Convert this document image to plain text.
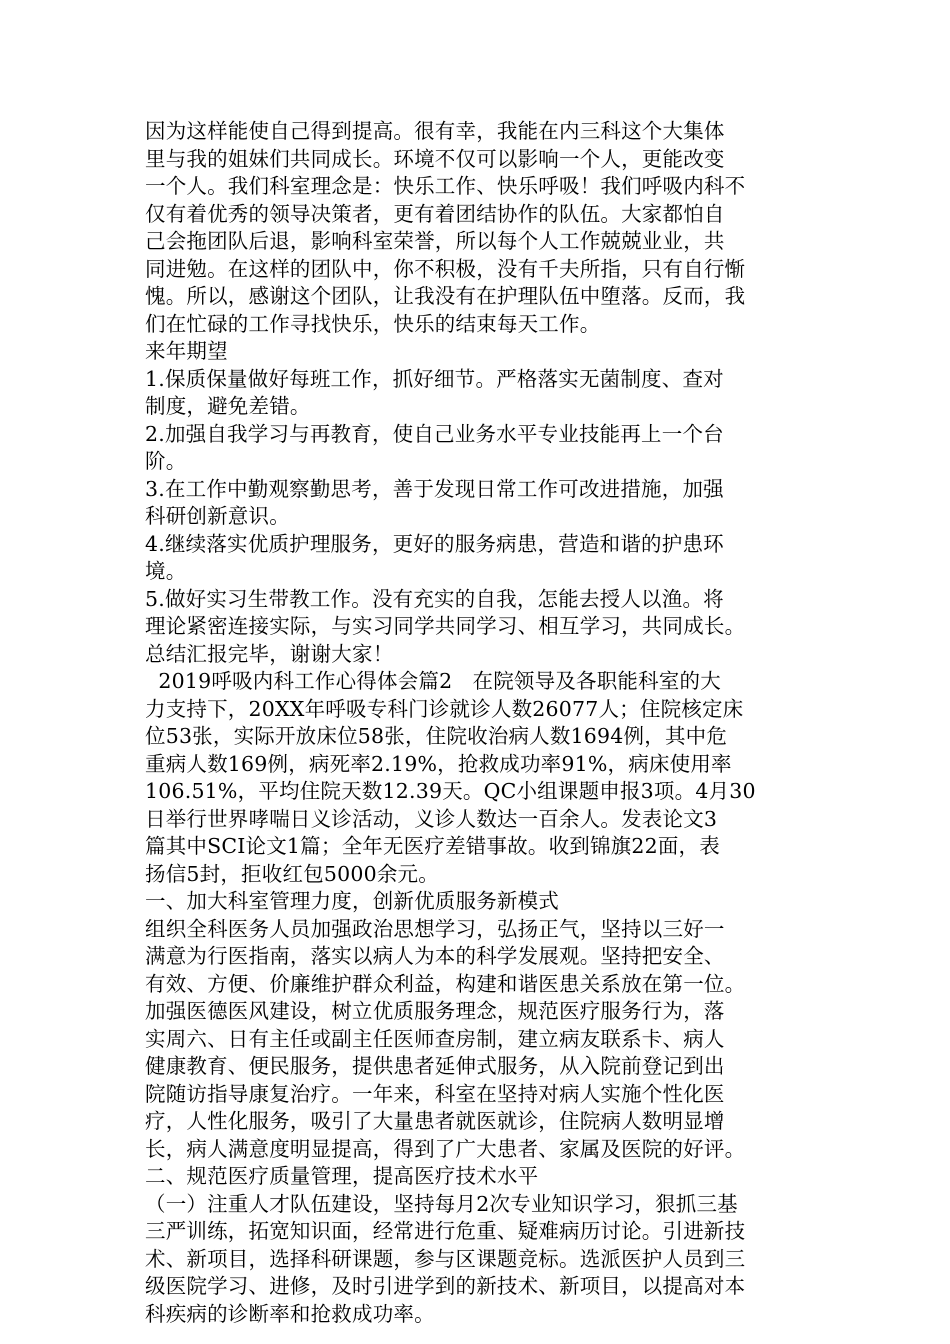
因为这样能使自己得到提高。很有幸，我能在内三科这个大集体
里与我的姐妹们共同成长。环境不仅可以影响一个人，更能改变
一个人。我们科室理念是：快乐工作、快乐呼吸！我们呼吸内科不
仅有着优秀的领导决策者，更有着团结协作的队伍。大家都怕自
己会拖团队后退，影响科室荣誉，所以每个人工作兢兢业业，共
同进勉。在这样的团队中，你不积极，没有千夫所指，只有自行惭
愧。所以，感谢这个团队，让我没有在护理队伍中堕落。反而，我
们在忙碌的工作寻找快乐，快乐的结束每天工作。
来年期望
1.保质保量做好每班工作，抓好细节。严格落实无菌制度、查对
制度，避免差错。
2.加强自我学习与再教育，使自己业务水平专业技能再上一个台
阶。
3.在工作中勤观察勤思考，善于发现日常工作可改进措施，加强
科研创新意识。
4.继续落实优质护理服务，更好的服务病患，营造和谐的护患环
境。
5.做好实习生带教工作。没有充实的自我，怎能去授人以渔。将
理论紧密连接实际，与实习同学共同学习、相互学习，共同成长。
总结汇报完毕，谢谢大家！
2019呼吸内科工作心得体会篇2   在院领导及各职能科室的大
力支持下，20XX年呼吸专科门诊就诊人数26077人；住院核定床
位53张，实际开放床位58张，住院收治病人数1694例，其中危
重病人数169例，病死率2.19%，抢救成功率91%，病床使用率
106.51%，平均住院天数12.39天。QC小组课题申报3项。4月30
日举行世界哮喘日义诊活动，义诊人数达一百余人。发表论文3
篇其中SCI论文1篇；全年无医疗差错事故。收到锦旗22面，表
扬信5封，拒收红包5000余元。
一、加大科室管理力度，创新优质服务新模式
组织全科医务人员加强政治思想学习，弘扬正气，坚持以三好一
满意为行医指南，落实以病人为本的科学发展观。坚持把安全、
有效、方便、价廉维护群众利益，构建和谐医患关系放在第一位。
加强医德医风建设，树立优质服务理念，规范医疗服务行为，落
实周六、日有主任或副主任医师查房制，建立病友联系卡、病人
健康教育、便民服务，提供患者延伸式服务，从入院前登记到出
院随访指导康复治疗。一年来，科室在坚持对病人实施个性化医
疗，人性化服务，吸引了大量患者就医就诊，住院病人数明显增
长，病人满意度明显提高，得到了广大患者、家属及医院的好评。
二、规范医疗质量管理，提高医疗技术水平
（一）注重人才队伍建设，坚持每月2次专业知识学习，狠抓三基
三严训练，拓宽知识面，经常进行危重、疑难病历讨论。引进新技
术、新项目，选择科研课题，参与区课题竞标。选派医护人员到三
级医院学习、进修，及时引进学到的新技术、新项目，以提高对本
科疾病的诊断率和抢救成功率。
